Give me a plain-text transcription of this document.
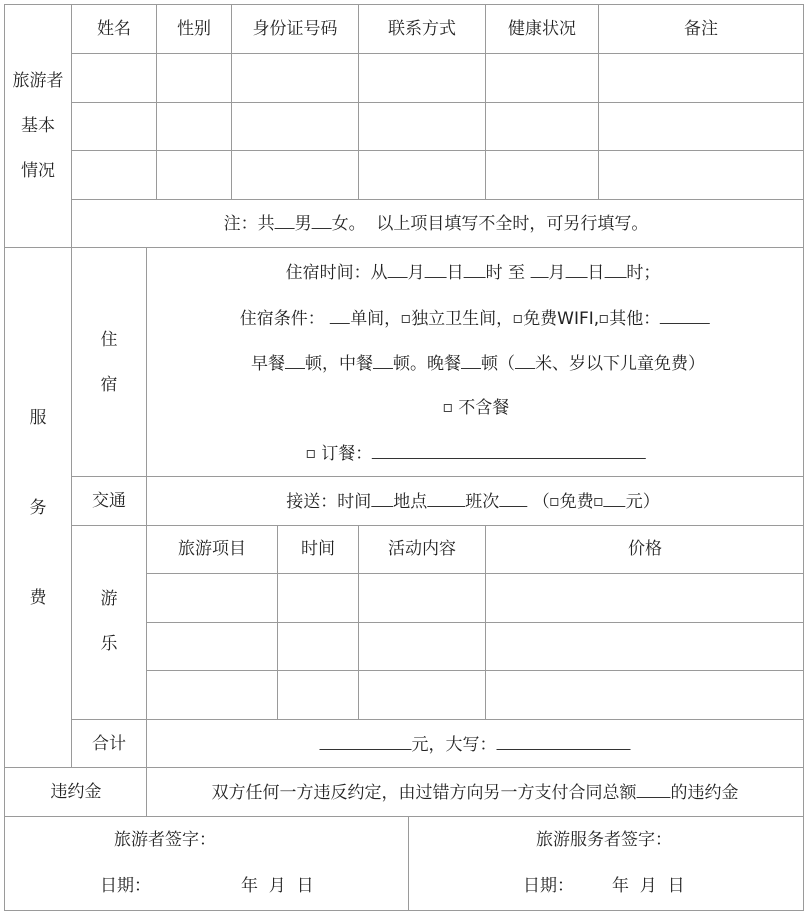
旅游者
基本
情况
姓名	性别 身份证号码	联系方式	健康状况	备注
注：共 男 女。 以上项目填写不全时，可另行填写。
服
务
费
住
宿
住宿时间：从 月 日 时 至 月 日 时；
住宿条件： 单间， 独立卫生间， 免费WIFI, 其他：
早餐 顿，中餐 顿。晚餐 顿（ 米、岁以下儿童免费）
不含餐
订餐：
交通	接送：时间 地点 班次 （ 免费 元）
游
乐
旅游项目	时间	活动内容	价格
合计	元，大写：
违约金	双方任何一方违反约定，由过错方向另一方支付合同总额 的违约金
旅游者签字：
日期：	年  月  日
旅游服务者签字：
日期： 年  月  日
